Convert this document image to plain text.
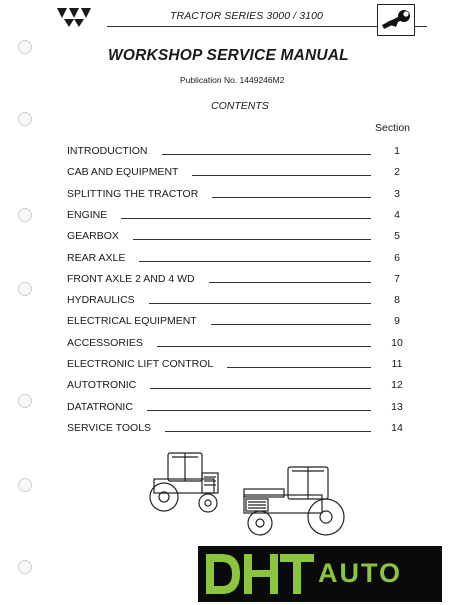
TRACTOR SERIES 3000 / 3100
WORKSHOP SERVICE MANUAL
Publication No. 1449246M2
CONTENTS
Section
INTRODUCTION	1
CAB AND EQUIPMENT	2
SPLITTING THE TRACTOR	3
ENGINE	4
GEARBOX	5
REAR AXLE	6
FRONT AXLE 2 AND 4 WD	7
HYDRAULICS	8
ELECTRICAL EQUIPMENT	9
ACCESSORIES	10
ELECTRONIC LIFT CONTROL	11
AUTOTRONIC	12
DATATRONIC	13
SERVICE TOOLS	14
AUTO
